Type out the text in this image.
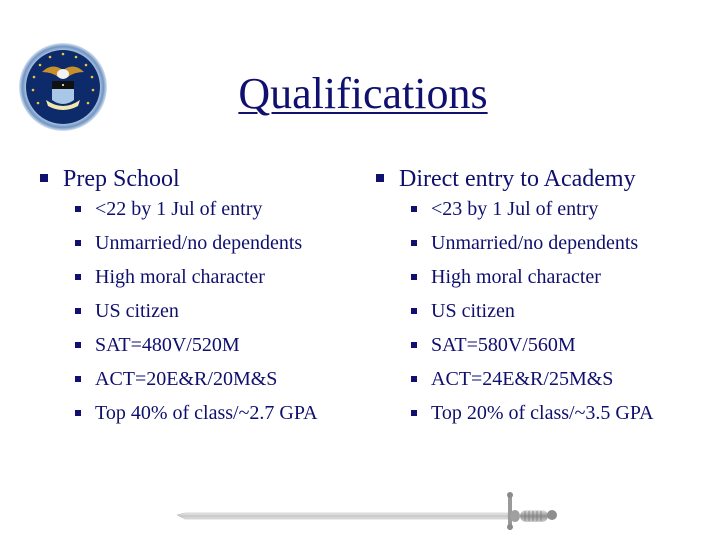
Qualifications
Prep School
<22 by 1 Jul of entry
Unmarried/no dependents
High moral character
US citizen
SAT=480V/520M
ACT=20E&R/20M&S
Top 40% of class/~2.7 GPA
Direct entry to Academy
<23 by 1 Jul of entry
Unmarried/no dependents
High moral character
US citizen
SAT=580V/560M
ACT=24E&R/25M&S
Top 20% of class/~3.5 GPA
